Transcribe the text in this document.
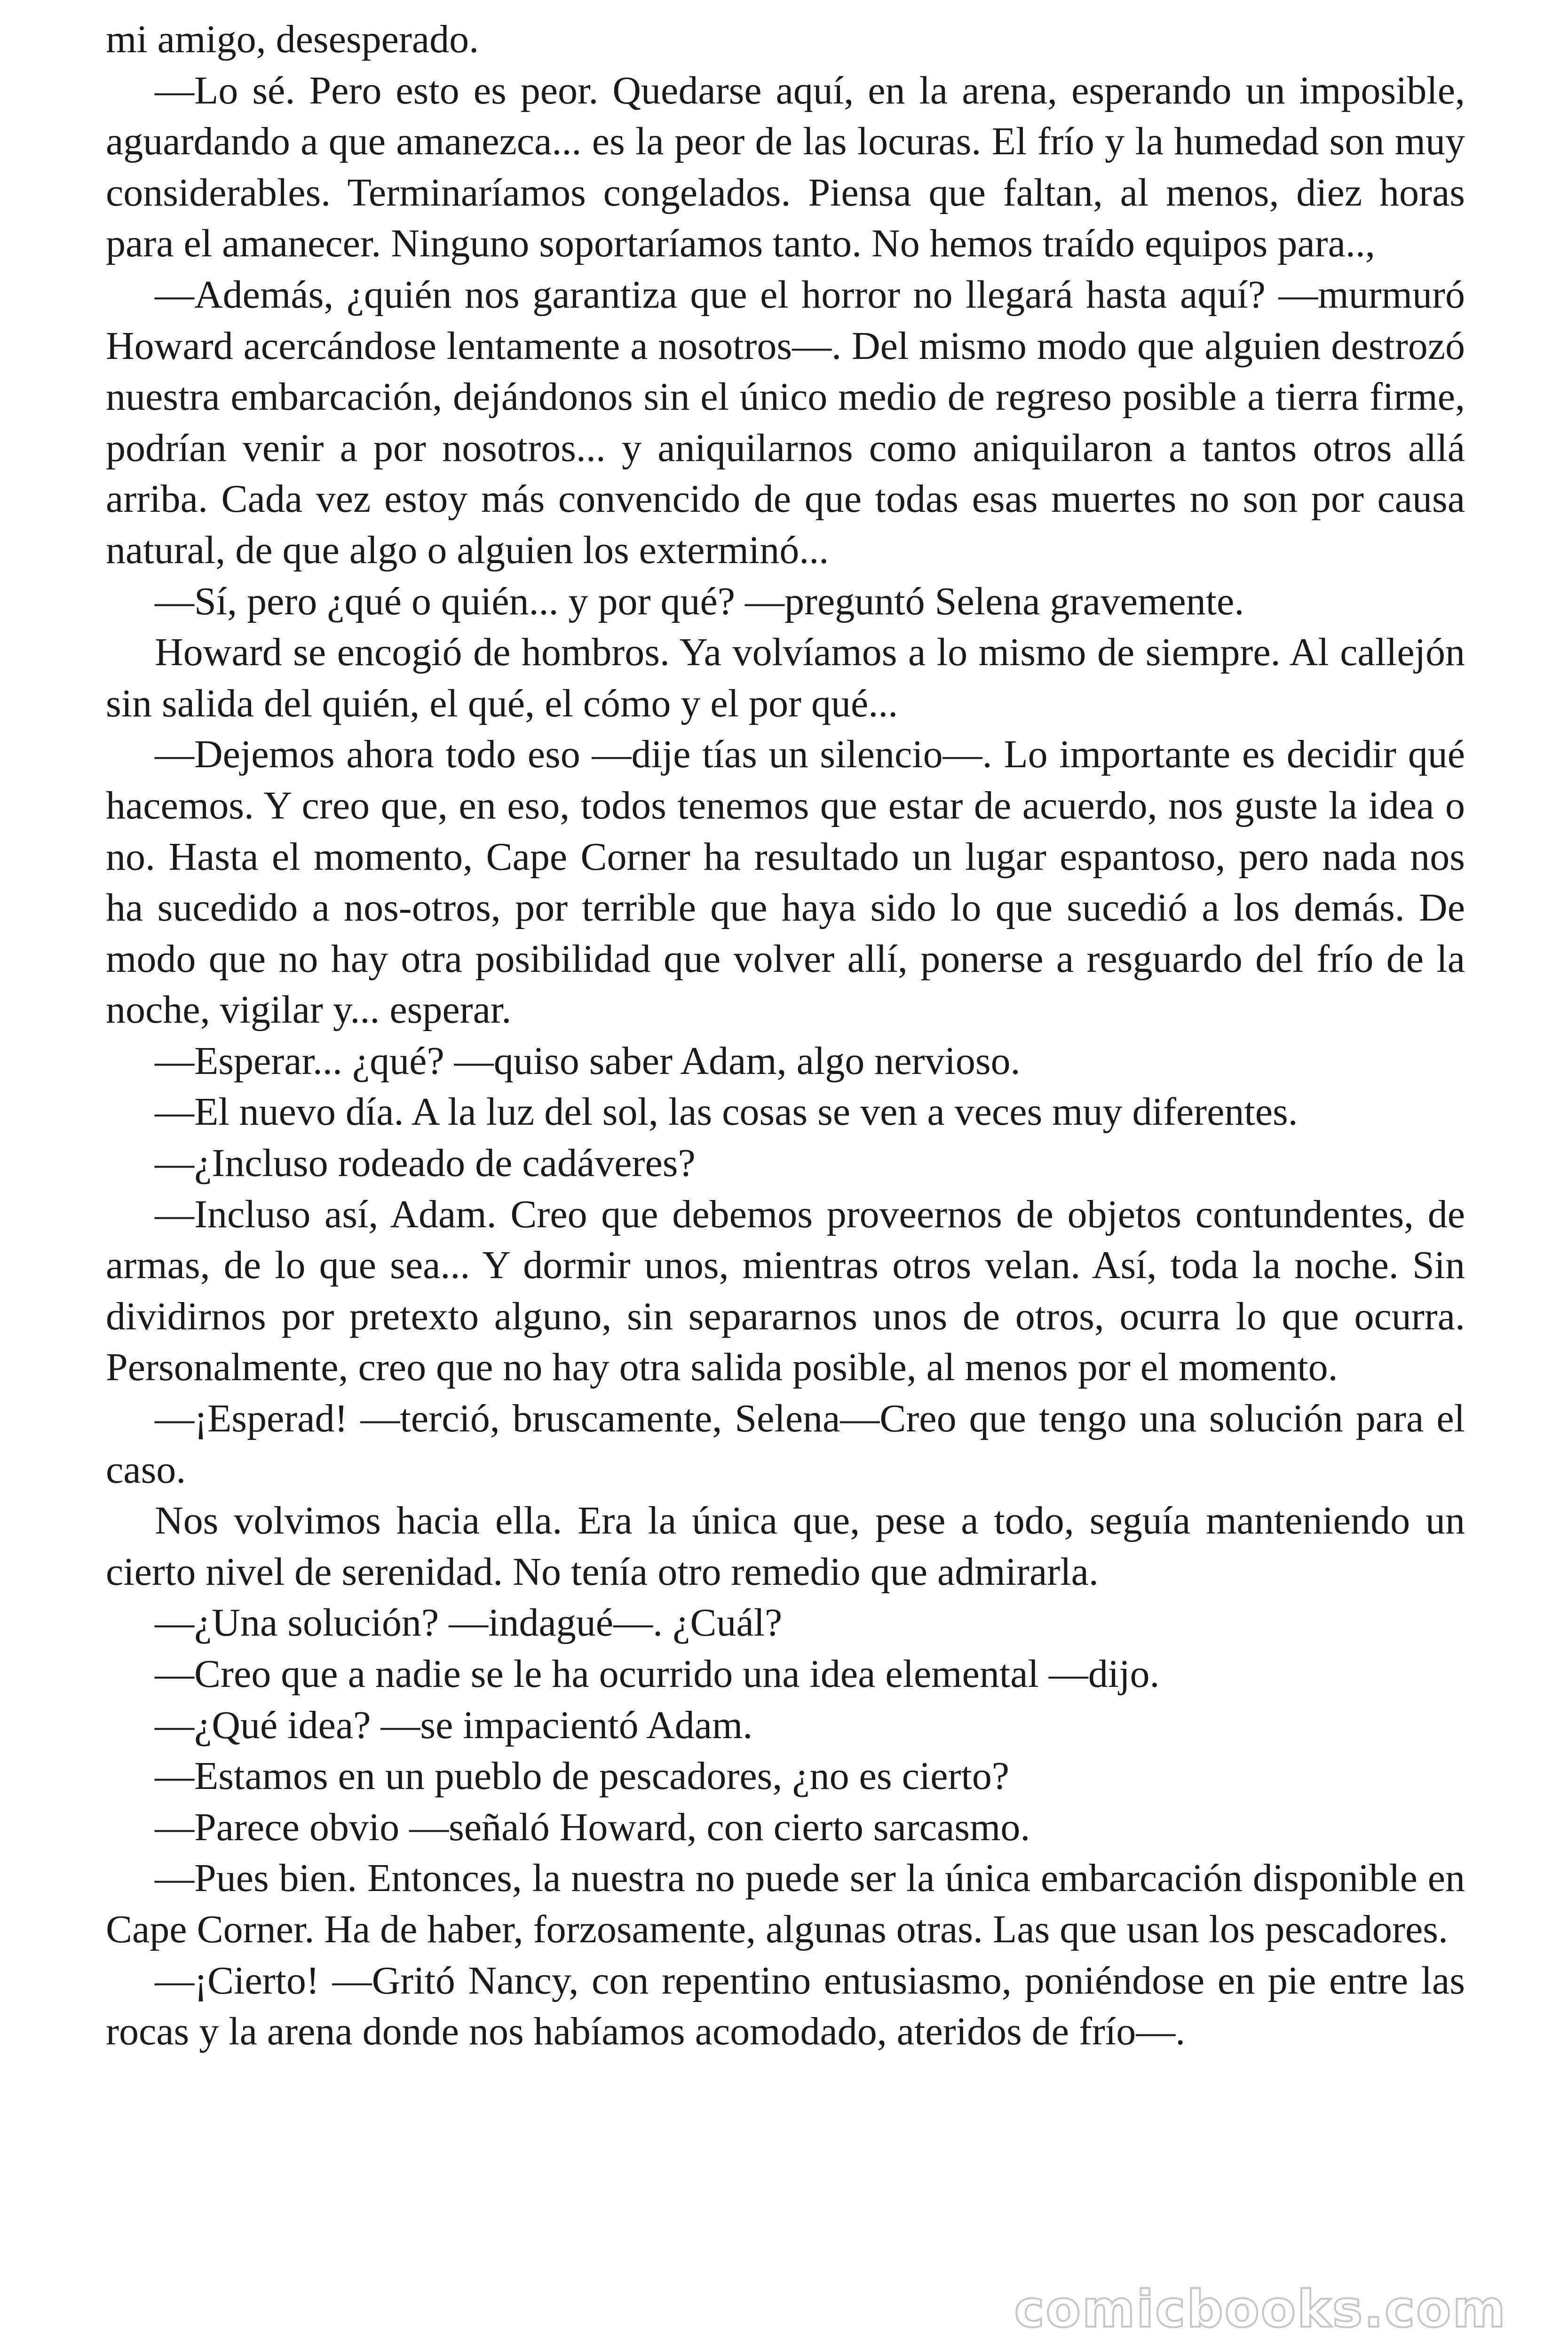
mi amigo, desesperado.

—Lo sé. Pero esto es peor. Quedarse aquí, en la arena, esperando un imposible, aguardando a que amanezca... es la peor de las locuras. El frío y la humedad son muy considerables. Terminaríamos congelados. Piensa que faltan, al menos, diez horas para el amanecer. Ninguno soportaríamos tanto. No hemos traído equipos para..,

—Además, ¿quién nos garantiza que el horror no llegará hasta aquí? —murmuró Howard acercándose lentamente a nosotros—. Del mismo modo que alguien destrozó nuestra embarcación, dejándonos sin el único medio de regreso posible a tierra firme, podrían venir a por nosotros... y aniquilarnos como aniquilaron a tantos otros allá arriba. Cada vez estoy más convencido de que todas esas muertes no son por causa natural, de que algo o alguien los exterminó...

—Sí, pero ¿qué o quién... y por qué? —preguntó Selena gravemente.

Howard se encogió de hombros. Ya volvíamos a lo mismo de siempre. Al callejón sin salida del quién, el qué, el cómo y el por qué...

—Dejemos ahora todo eso —dije tías un silencio—. Lo importante es decidir qué hacemos. Y creo que, en eso, todos tenemos que estar de acuerdo, nos guste la idea o no. Hasta el momento, Cape Corner ha resultado un lugar espantoso, pero nada nos ha sucedido a nos-otros, por terrible que haya sido lo que sucedió a los demás. De modo que no hay otra posibilidad que volver allí, ponerse a resguardo del frío de la noche, vigilar y... esperar.

—Esperar... ¿qué? —quiso saber Adam, algo nervioso.

—El nuevo día. A la luz del sol, las cosas se ven a veces muy diferentes.

—¿Incluso rodeado de cadáveres?

—Incluso así, Adam. Creo que debemos proveernos de objetos contundentes, de armas, de lo que sea... Y dormir unos, mientras otros velan. Así, toda la noche. Sin dividirnos por pretexto alguno, sin separarnos unos de otros, ocurra lo que ocurra. Personalmente, creo que no hay otra salida posible, al menos por el momento.

—¡Esperad! —terció, bruscamente, Selena—Creo que tengo una solución para el caso.

Nos volvimos hacia ella. Era la única que, pese a todo, seguía manteniendo un cierto nivel de serenidad. No tenía otro remedio que admirarla.

—¿Una solución? —indagué—. ¿Cuál?

—Creo que a nadie se le ha ocurrido una idea elemental —dijo.

—¿Qué idea? —se impacientó Adam.

—Estamos en un pueblo de pescadores, ¿no es cierto?

—Parece obvio —señaló Howard, con cierto sarcasmo.

—Pues bien. Entonces, la nuestra no puede ser la única embarcación disponible en Cape Corner. Ha de haber, forzosamente, algunas otras. Las que usan los pescadores.

—¡Cierto! —Gritó Nancy, con repentino entusiasmo, poniéndose en pie entre las rocas y la arena donde nos habíamos acomodado, ateridos de frío—.

comicbooks.com
